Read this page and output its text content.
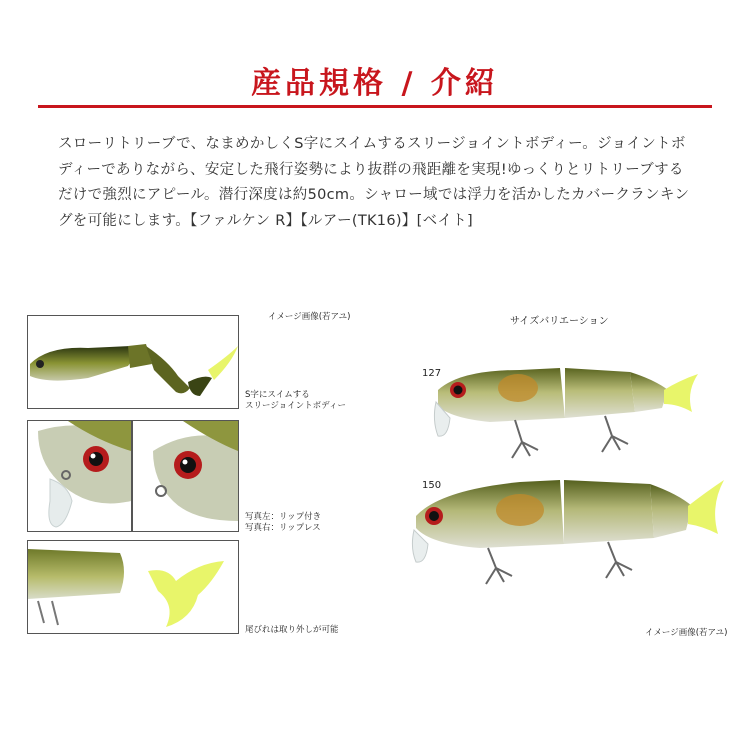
産品規格 / 介紹
スローリトリーブで、なまめかしくS字にスイムするスリージョイントボディー。ジョイントボディーでありながら、安定した飛行姿勢により抜群の飛距離を実現!ゆっくりとリトリーブするだけで強烈にアピール。潜行深度は約50cm。シャロー域では浮力を活かしたカバークランキングを可能にします。【ファルケン R】【ルアー(TK16)】[ベイト]
イメージ画像(若アユ)
S字にスイムする
スリージョイントボディー
写真左：リップ付き
写真右：リップレス
尾びれは取り外しが可能
サイズバリエーション
127
150
イメージ画像(若アユ)
